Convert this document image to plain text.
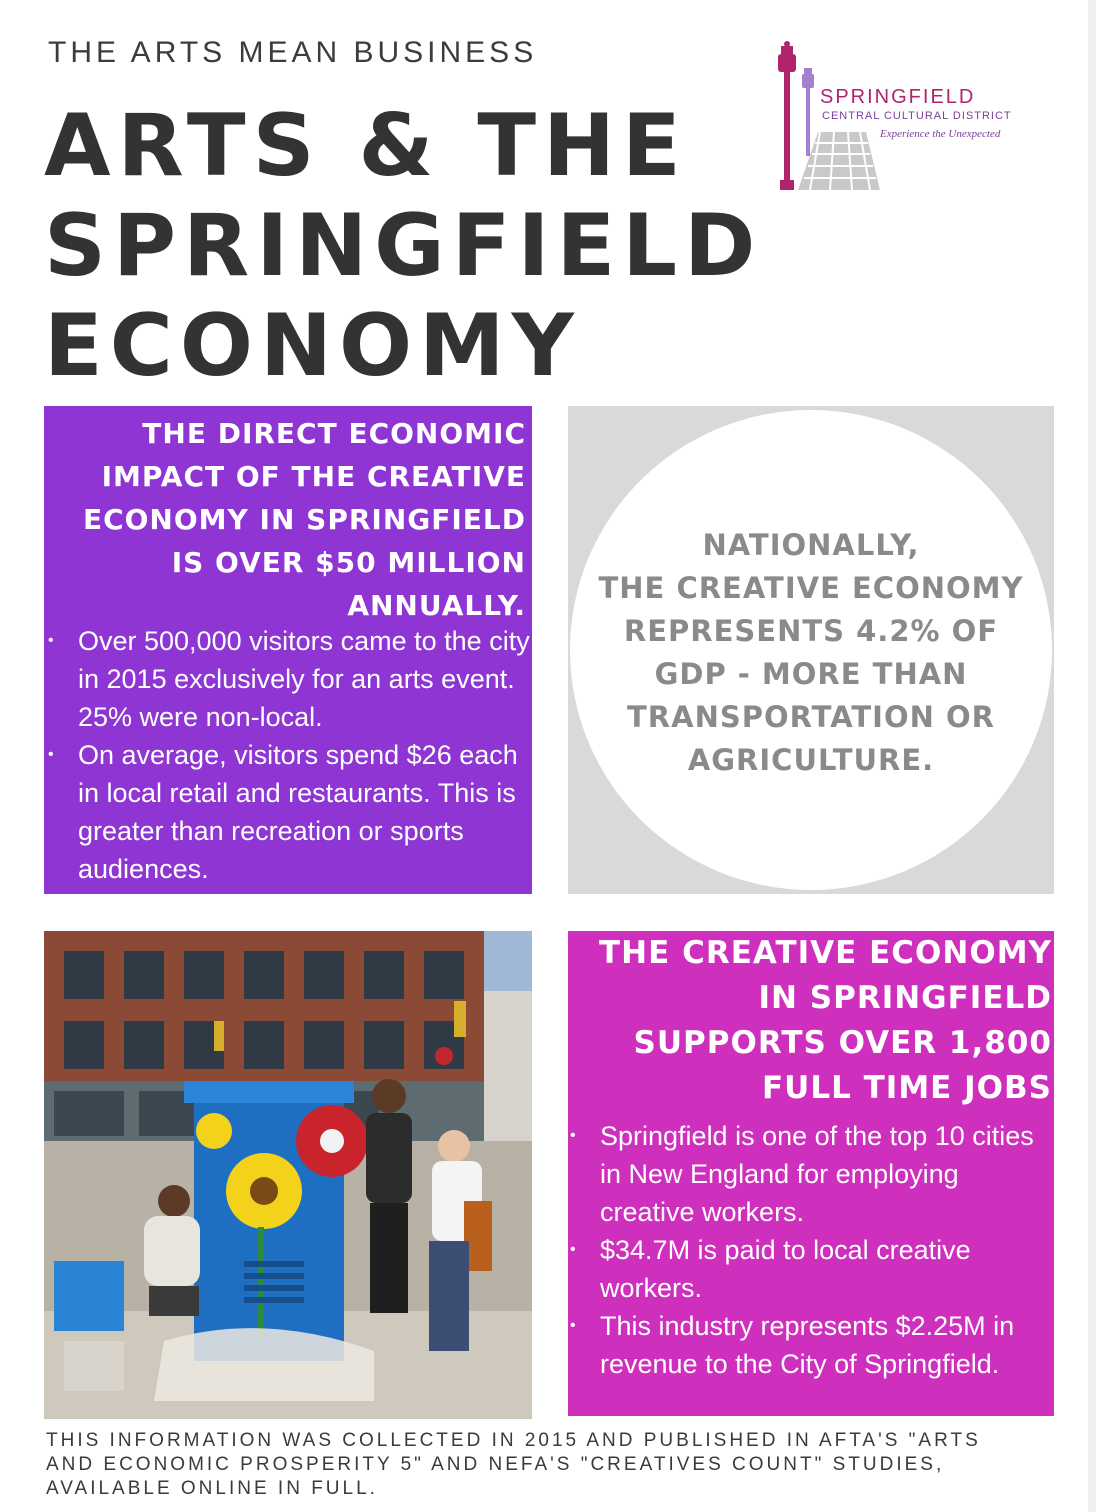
THE ARTS MEAN BUSINESS
ARTS & THE
SPRINGFIELD
ECONOMY
SPRINGFIELD
CENTRAL CULTURAL DISTRICT
Experience the Unexpected
THE DIRECT ECONOMIC
IMPACT OF THE CREATIVE
ECONOMY IN SPRINGFIELD
IS OVER $50 MILLION
ANNUALLY.
• Over 500,000 visitors came to the city in 2015 exclusively for an arts event. 25% were non-local.
• On average, visitors spend $26 each in local retail and restaurants. This is greater than recreation or sports audiences.
NATIONALLY,
THE CREATIVE ECONOMY
REPRESENTS 4.2% OF
GDP - MORE THAN
TRANSPORTATION OR
AGRICULTURE.
THE CREATIVE ECONOMY
IN SPRINGFIELD
SUPPORTS OVER 1,800
FULL TIME JOBS
• Springfield is one of the top 10 cities in New England for employing creative workers.
• $34.7M is paid to local creative workers.
• This industry represents $2.25M in revenue to the City of Springfield.
THIS INFORMATION WAS COLLECTED IN 2015 AND PUBLISHED IN AFTA'S "ARTS AND ECONOMIC PROSPERITY 5" AND NEFA'S "CREATIVES COUNT" STUDIES, AVAILABLE ONLINE IN FULL.
